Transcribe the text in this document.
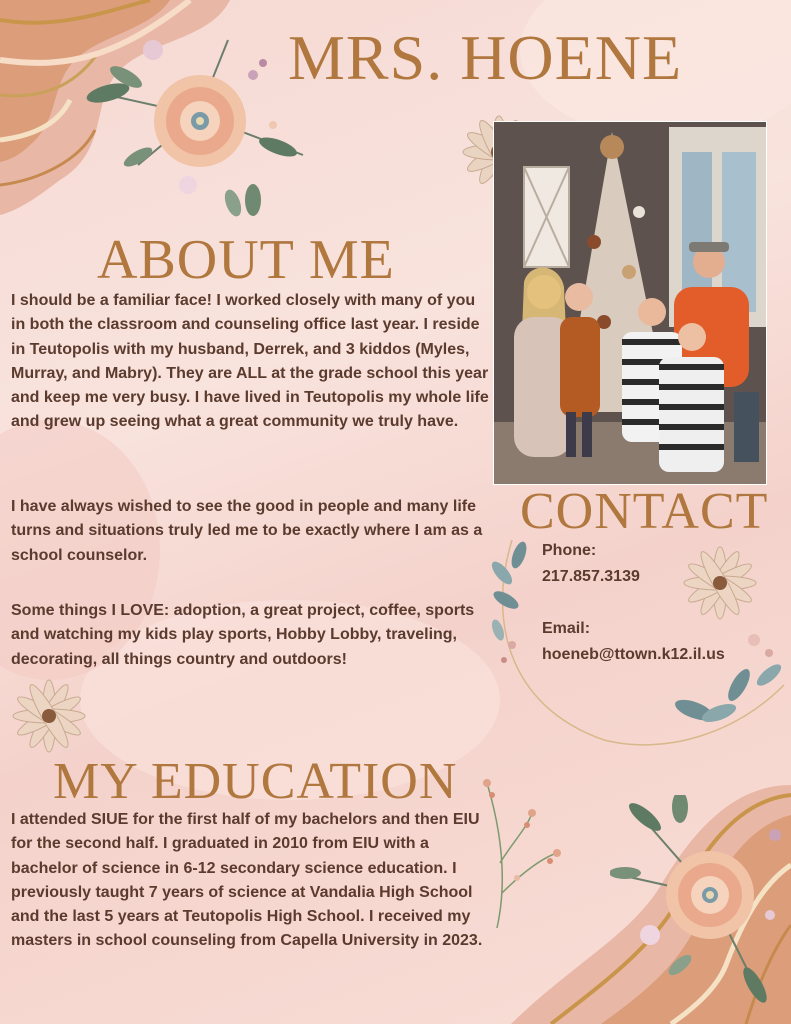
MRS. HOENE
ABOUT ME

I should be a familiar face! I worked closely with many of you in both the classroom and counseling office last year. I reside in Teutopolis with my husband, Derrek, and 3 kiddos (Myles, Murray, and Mabry). They are ALL at the grade school this year and keep me very busy. I have lived in Teutopolis my whole life and grew up seeing what a great community we truly have.

I have always wished to see the good in people and many life turns and situations truly led me to be exactly where I am as a school counselor.

Some things I LOVE: adoption, a great project, coffee, sports and watching my kids play sports, Hobby Lobby, traveling, decorating, all things country and outdoors!

CONTACT
Phone:
217.857.3139
Email:
hoeneb@ttown.k12.il.us
MY EDUCATION

I attended SIUE for the first half of my bachelors and then EIU for the second half. I graduated in 2010 from EIU with a bachelor of science in 6-12 secondary science education. I previously taught 7 years of science at Vandalia High School and the last 5 years at Teutopolis High School. I received my masters in school counseling from Capella University in 2023.
